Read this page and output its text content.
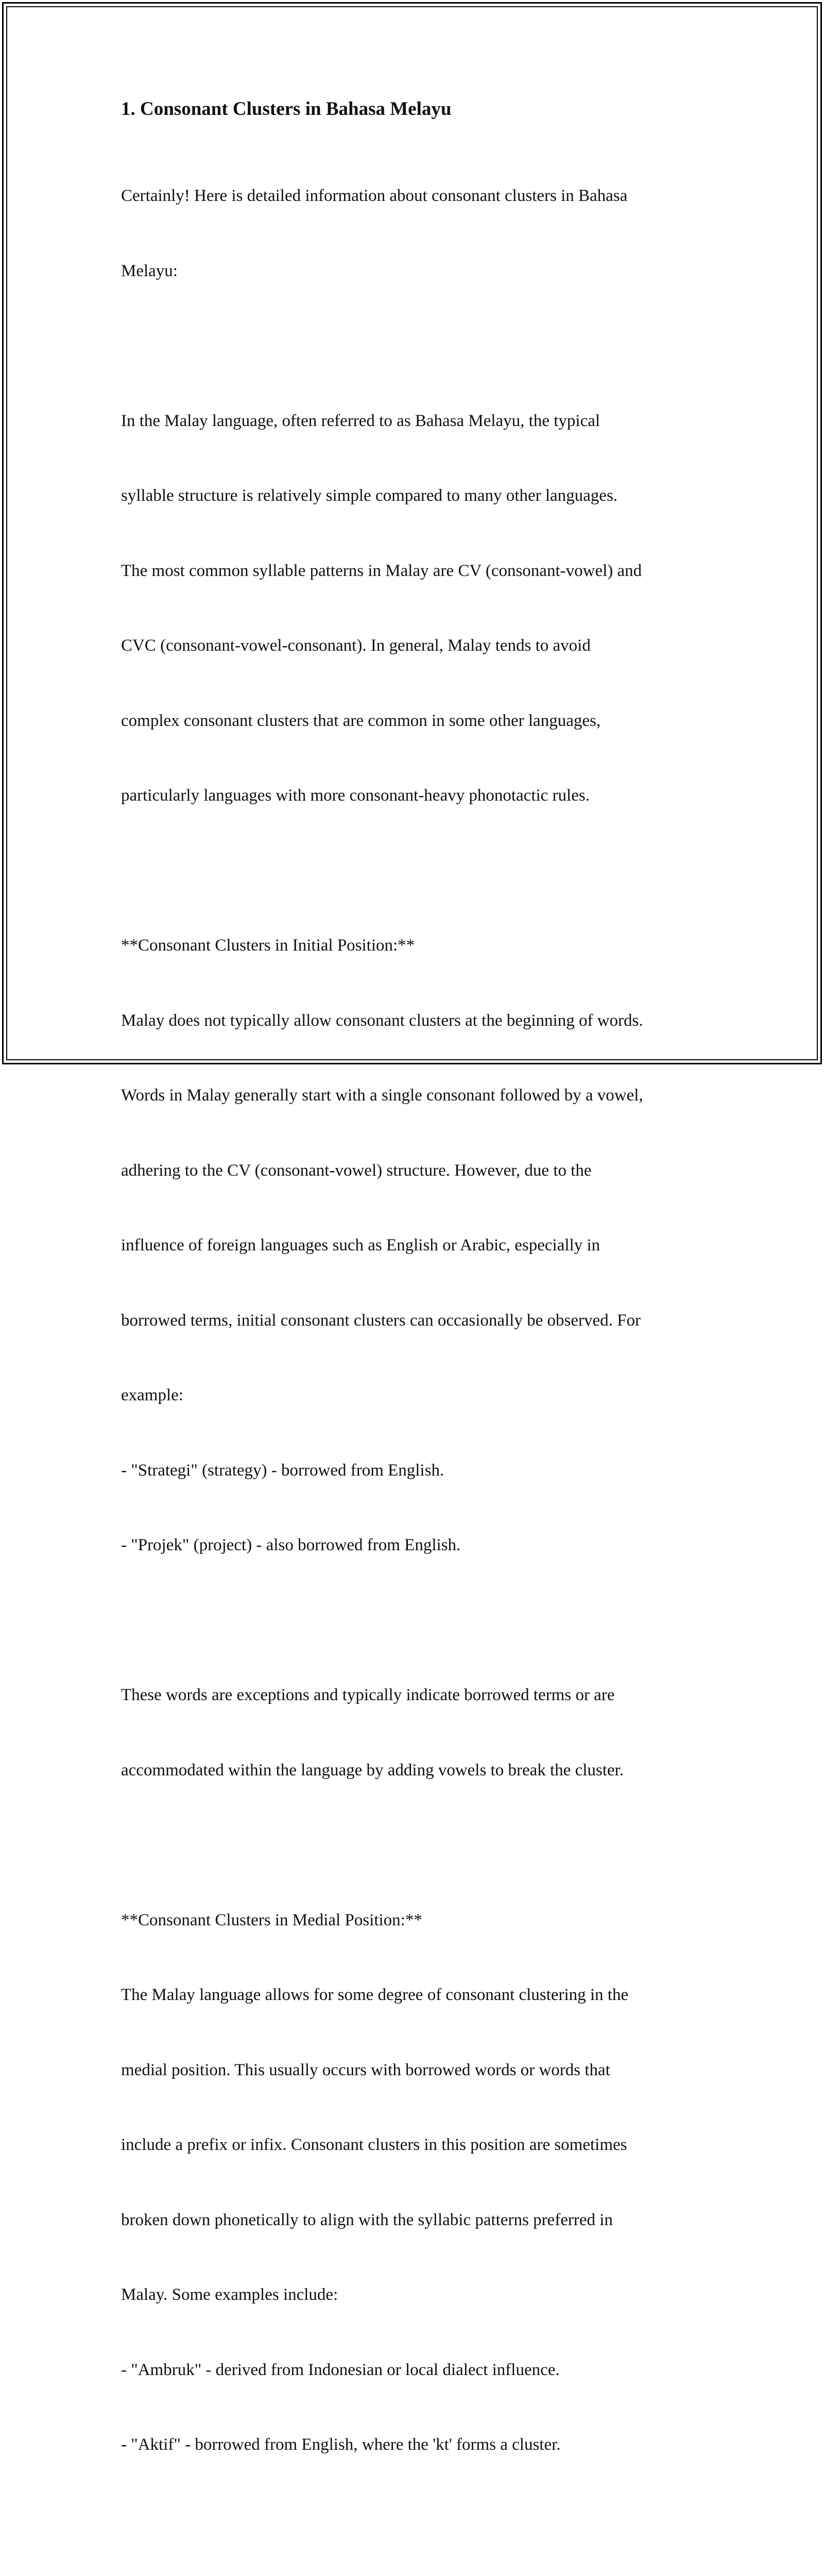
1. Consonant Clusters in Bahasa Melayu

Certainly! Here is detailed information about consonant clusters in Bahasa

Melayu:

In the Malay language, often referred to as Bahasa Melayu, the typical

syllable structure is relatively simple compared to many other languages.

The most common syllable patterns in Malay are CV (consonant-vowel) and

CVC (consonant-vowel-consonant). In general, Malay tends to avoid

complex consonant clusters that are common in some other languages,

particularly languages with more consonant-heavy phonotactic rules.

**Consonant Clusters in Initial Position:**

Malay does not typically allow consonant clusters at the beginning of words.

Words in Malay generally start with a single consonant followed by a vowel,

adhering to the CV (consonant-vowel) structure. However, due to the

influence of foreign languages such as English or Arabic, especially in

borrowed terms, initial consonant clusters can occasionally be observed. For

example:

- "Strategi" (strategy) - borrowed from English.

- "Projek" (project) - also borrowed from English.

These words are exceptions and typically indicate borrowed terms or are

accommodated within the language by adding vowels to break the cluster.

**Consonant Clusters in Medial Position:**

The Malay language allows for some degree of consonant clustering in the

medial position. This usually occurs with borrowed words or words that

include a prefix or infix. Consonant clusters in this position are sometimes

broken down phonetically to align with the syllabic patterns preferred in

Malay. Some examples include:

- "Ambruk" - derived from Indonesian or local dialect influence.

- "Aktif" - borrowed from English, where the 'kt' forms a cluster.
